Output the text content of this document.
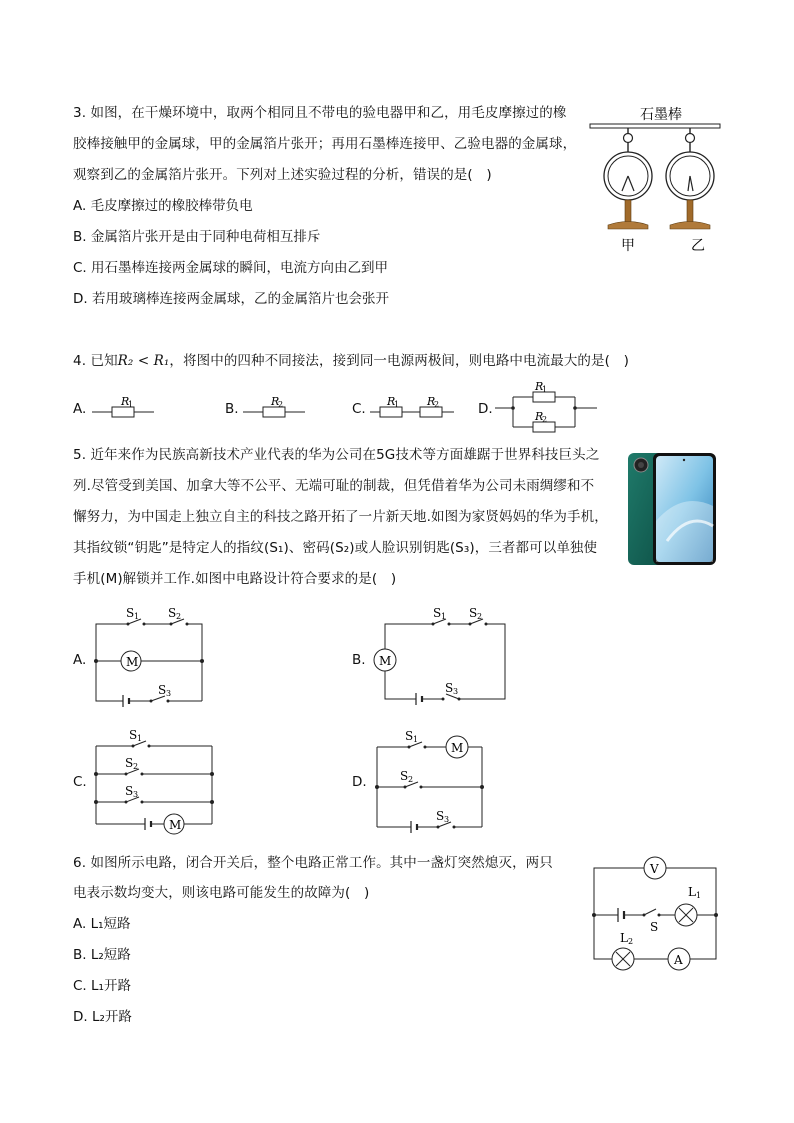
3. 如图，在干燥环境中，取两个相同且不带电的验电器甲和乙，用毛皮摩擦过的橡
胶棒接触甲的金属球，甲的金属箔片张开；再用石墨棒连接甲、乙验电器的金属球，
观察到乙的金属箔片张开。下列对上述实验过程的分析，错误的是(　)
A. 毛皮摩擦过的橡胶棒带负电
B. 金属箔片张开是由于同种电荷相互排斥
C. 用石墨棒连接两金属球的瞬间，电流方向由乙到甲
D. 若用玻璃棒连接两金属球，乙的金属箔片也会张开
石墨棒
甲	乙
4. 已知R₂ < R₁，将图中的四种不同接法，接到同一电源两极间，则电路中电流最大的是(　)
A.	R
1	B.	R
2	C. R
1	R
2	D.
R
1
R
2
5. 近年来作为民族高新技术产业代表的华为公司在5G技术等方面雄踞于世界科技巨头之
列.尽管受到美国、加拿大等不公平、无端可耻的制裁，但凭借着华为公司未雨绸缪和不
懈努力，为中国走上独立自主的科技之路开拓了一片新天地.如图为家贤妈妈的华为手机，
其指纹锁“钥匙”是特定人的指纹(S₁)、密码(S₂)或人脸识别钥匙(S₃)，三者都可以单独使
手机(M)解锁并工作.如图中电路设计符合要求的是(　)
A.	M
S 1 S 2
S 3
B. M
S 1 S 2
S 3
C.
M
S 1
S 2
S 3
D.
M
S 1
S 2
S 3
6. 如图所示电路，闭合开关后，整个电路正常工作。其中一盏灯突然熄灭，两只
电表示数均变大，则该电路可能发生的故障为(　)
A. L₁短路
B. L₂短路
C. L₁开路
D. L₂开路
V
L 1
S
L 2
A
